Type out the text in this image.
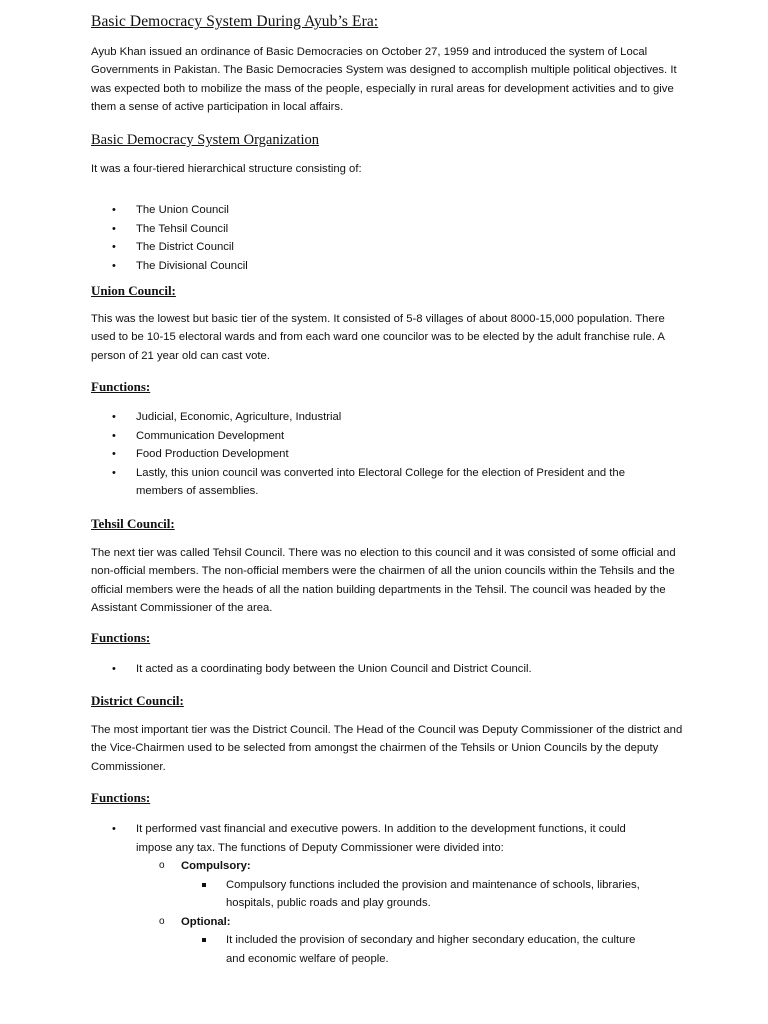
Basic Democracy System During Ayub’s Era:

Ayub Khan issued an ordinance of Basic Democracies on October 27, 1959 and introduced the system of Local Governments in Pakistan. The Basic Democracies System was designed to accomplish multiple political objectives. It was expected both to mobilize the mass of the people, especially in rural areas for development activities and to give them a sense of active participation in local affairs.

Basic Democracy System Organization

It was a four-tiered hierarchical structure consisting of:

• The Union Council
• The Tehsil Council
• The District Council
• The Divisional Council
Union Council:

This was the lowest but basic tier of the system. It consisted of 5-8 villages of about 8000-15,000 population. There used to be 10-15 electoral wards and from each ward one councilor was to be elected by the adult franchise rule. A person of 21 year old can cast vote.

Functions:
• Judicial, Economic, Agriculture, Industrial
• Communication Development
• Food Production Development
• Lastly, this union council was converted into Electoral College for the election of President and the members of assemblies.
Tehsil Council:

The next tier was called Tehsil Council. There was no election to this council and it was consisted of some official and non-official members. The non-official members were the chairmen of all the union councils within the Tehsils and the official members were the heads of all the nation building departments in the Tehsil. The council was headed by the Assistant Commissioner of the area.

Functions:
• It acted as a coordinating body between the Union Council and District Council.
District Council:

The most important tier was the District Council. The Head of the Council was Deputy Commissioner of the district and the Vice-Chairmen used to be selected from amongst the chairmen of the Tehsils or Union Councils by the deputy Commissioner.

Functions:
• It performed vast financial and executive powers. In addition to the development functions, it could impose any tax. The functions of Deputy Commissioner were divided into:
o Compulsory:
Compulsory functions included the provision and maintenance of schools, libraries, hospitals, public roads and play grounds.
o Optional:
It included the provision of secondary and higher secondary education, the culture and economic welfare of people.
